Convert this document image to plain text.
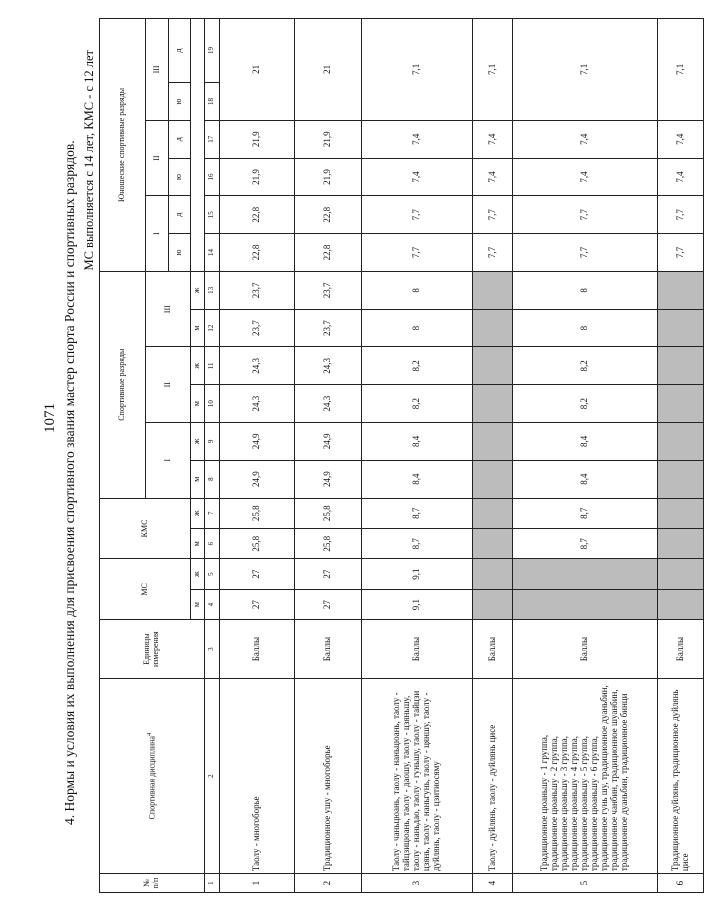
1071 4. Нормы и условия их выполнения для присвоения спортивного звания мастер спорта России и спортивных разрядов. МС выполняется с 14 лет, КМС - с 12 лет
№ п/п	Спортивная дисциплина$^4$	Единицы измерения	МС		КМС		Спортивные разряды						Юношеские спортивные разряды					
							I		II		III		I		II		III	
													ю	д	ю	д	ю	д
			м	ж	м	ж	м	ж	м	ж	м	ж						
1	2	3	4	5	6	7	8	9	10	11	12	13	14	15	16	17	18	19
1	Таолу - многоборье	Баллы	27	27	25,8	25,8	24,9	24,9	24,3	24,3	23,7	23,7	22,8	22,8	21,9	21,9	21	
2	Традиционное ушу - многоборье	Баллы	27	27	25,8	25,8	24,9	24,9	24,3	24,3	23,7	23,7	22,8	22,8	21,9	21,9	21	
3	Таолу - чаньцюань, таолу - наньцюань, таолу - тайцзицюань, таолу - даошу, таолу - цзяньшу, таолу - наньдао, таолу - гуньшу, таолу - тайцзи цзянь, таолу - наньгунь, таолу - цяншу, таолу - дуйлянь, таолу - цзитиосяму	Баллы	9,1	9,1	8,7	8,7	8,4	8,4	8,2	8,2	8	8	7,7	7,7	7,4	7,4	7,1	
4	Таолу - дуйлянь, таолу - дуйлянь цисе	Баллы											7,7	7,7	7,4	7,4	7,1	
5	Традиционное цюаньшу - 1 группа, традиционное цюаньшу - 2 группа, традиционное цюаньшу - 3 группа, традиционное цюаньшу - 4 группа, традиционное цюаньшу - 5 группа, традиционное цюаньшу - 6 группа, традиционное гунь шу, традиционное дуаньбин, традиционное чанбин, традиционное шуанбин, традиционное дуаньбин, традиционное бинци	Баллы			8,7	8,7	8,4	8,4	8,2	8,2	8	8	7,7	7,7	7,4	7,4	7,1	
6	Традиционное дуйлянь, традиционное дуйлянь цисе	Баллы											7,7	7,7	7,4	7,4	7,1	
